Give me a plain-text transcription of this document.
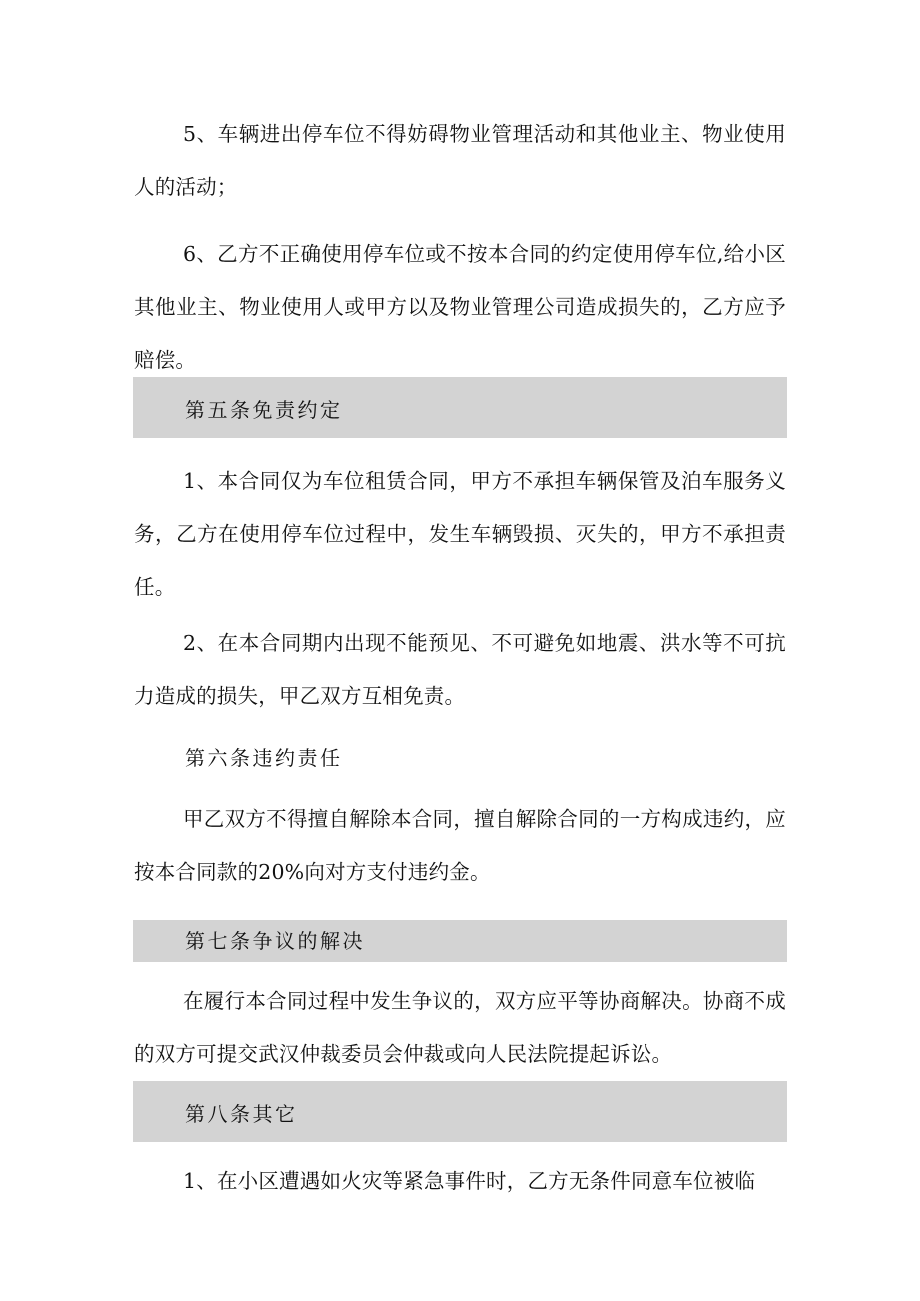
5、车辆进出停车位不得妨碍物业管理活动和其他业主、物业使用人的活动；
6、乙方不正确使用停车位或不按本合同的约定使用停车位,给小区其他业主、物业使用人或甲方以及物业管理公司造成损失的，乙方应予赔偿。
第五条免责约定
1、本合同仅为车位租赁合同，甲方不承担车辆保管及泊车服务义务，乙方在使用停车位过程中，发生车辆毁损、灭失的，甲方不承担责任。
2、在本合同期内出现不能预见、不可避免如地震、洪水等不可抗力造成的损失，甲乙双方互相免责。
第六条违约责任
甲乙双方不得擅自解除本合同，擅自解除合同的一方构成违约，应按本合同款的20%向对方支付违约金。
第七条争议的解决
在履行本合同过程中发生争议的，双方应平等协商解决。协商不成的双方可提交武汉仲裁委员会仲裁或向人民法院提起诉讼。
第八条其它
1、在小区遭遇如火灾等紧急事件时，乙方无条件同意车位被临
